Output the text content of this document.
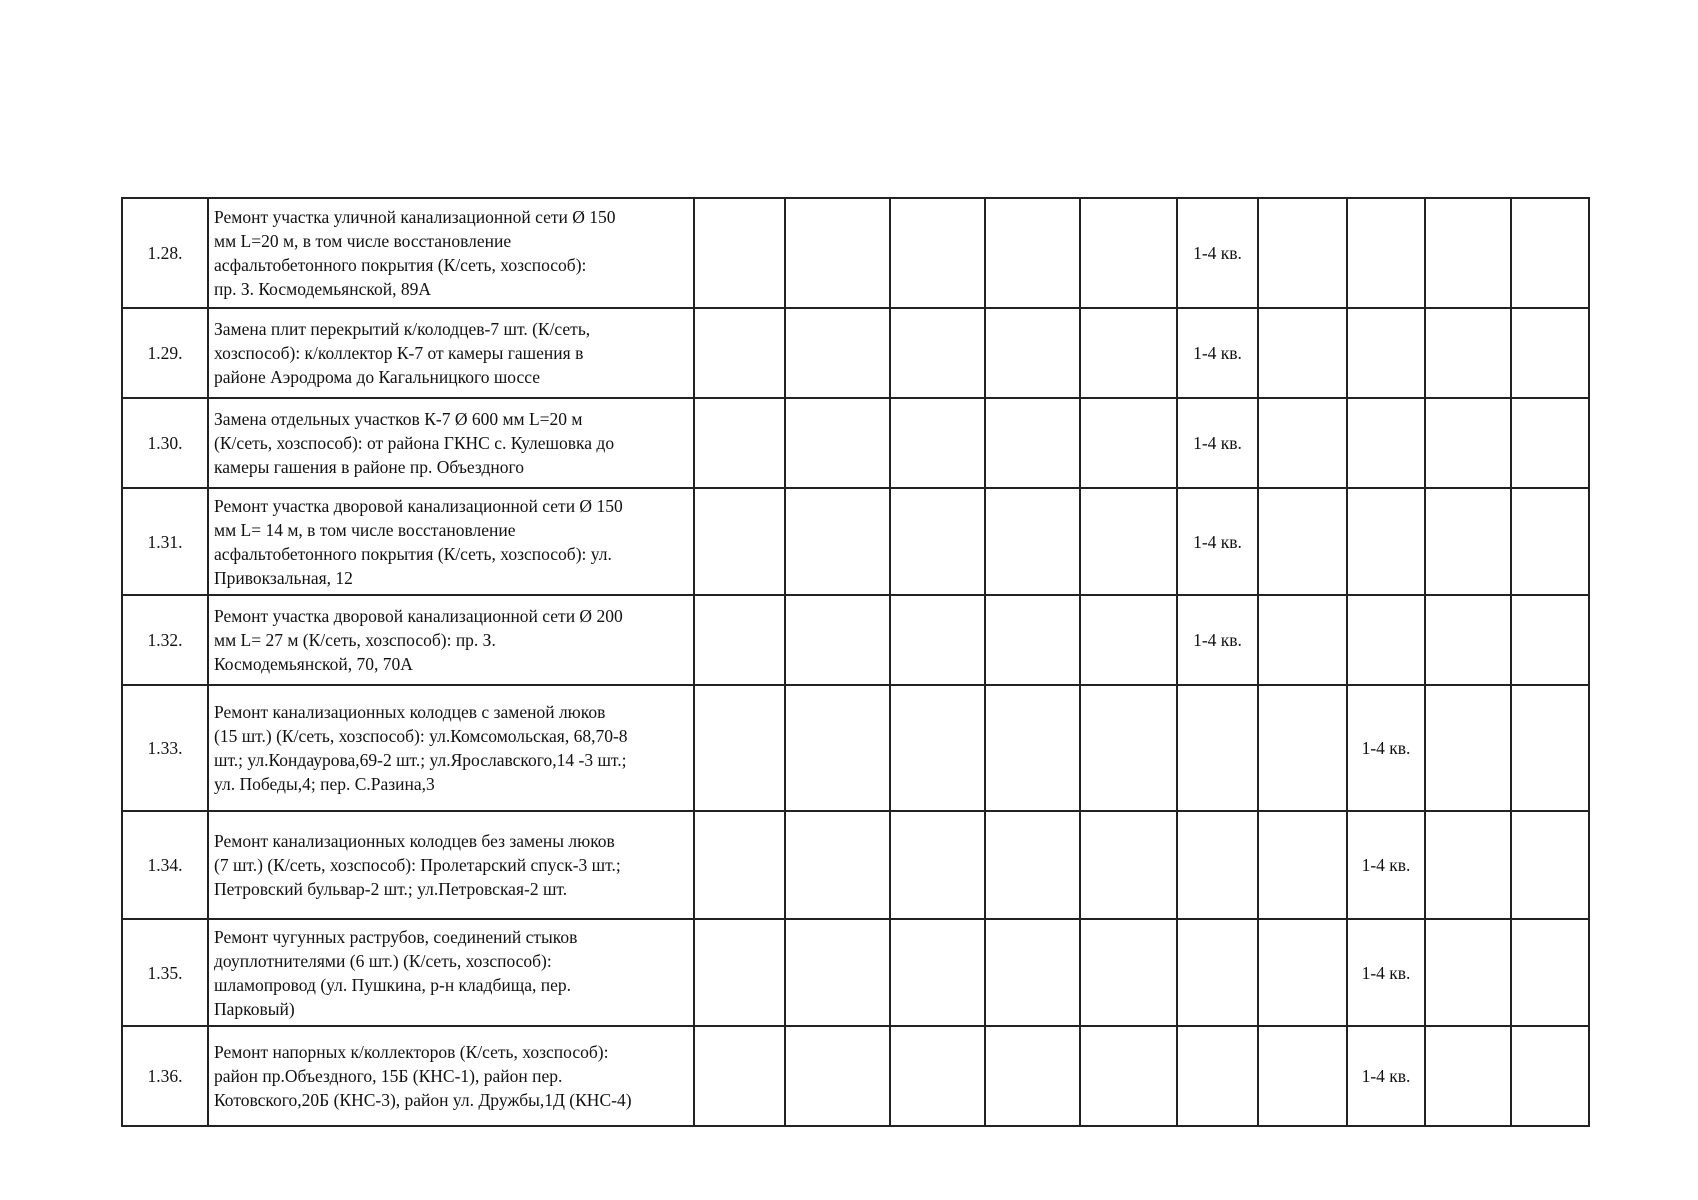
1.28.	Ремонт участка уличной канализационной сети Ø 150
мм L=20 м, в том числе восстановление
асфальтобетонного покрытия (К/сеть, хозспособ):
пр. З. Космодемьянской, 89А						1-4 кв.				
1.29.	Замена плит перекрытий к/колодцев-7 шт. (К/сеть,
хозспособ): к/коллектор К-7 от камеры гашения в
районе Аэродрома до Кагальницкого шоссе						1-4 кв.				
1.30.	Замена отдельных участков К-7 Ø 600 мм L=20 м
(К/сеть, хозспособ): от района ГКНС с. Кулешовка до
камеры гашения в районе пр. Объездного						1-4 кв.				
1.31.	Ремонт участка дворовой канализационной сети Ø 150
мм L= 14 м, в том числе восстановление
асфальтобетонного покрытия (К/сеть, хозспособ): ул.
Привокзальная, 12						1-4 кв.				
1.32.	Ремонт участка дворовой канализационной сети Ø 200
мм L= 27 м (К/сеть, хозспособ): пр. З.
Космодемьянской, 70, 70А						1-4 кв.				
1.33.	Ремонт канализационных колодцев с заменой люков
(15 шт.) (К/сеть, хозспособ): ул.Комсомольская, 68,70-8
шт.; ул.Кондаурова,69-2 шт.; ул.Ярославского,14 -3 шт.;
ул. Победы,4; пер. С.Разина,3								1-4 кв.		
1.34.	Ремонт канализационных колодцев без замены люков
(7 шт.) (К/сеть, хозспособ): Пролетарский спуск-3 шт.;
Петровский бульвар-2 шт.; ул.Петровская-2 шт.								1-4 кв.		
1.35.	Ремонт чугунных раструбов, соединений стыков
доуплотнителями (6 шт.) (К/сеть, хозспособ):
шламопровод (ул. Пушкина, р-н кладбища, пер.
Парковый)								1-4 кв.		
1.36.	Ремонт напорных к/коллекторов (К/сеть, хозспособ):
район пр.Объездного, 15Б (КНС-1), район пер.
Котовского,20Б (КНС-3), район ул. Дружбы,1Д (КНС-4)								1-4 кв.		
